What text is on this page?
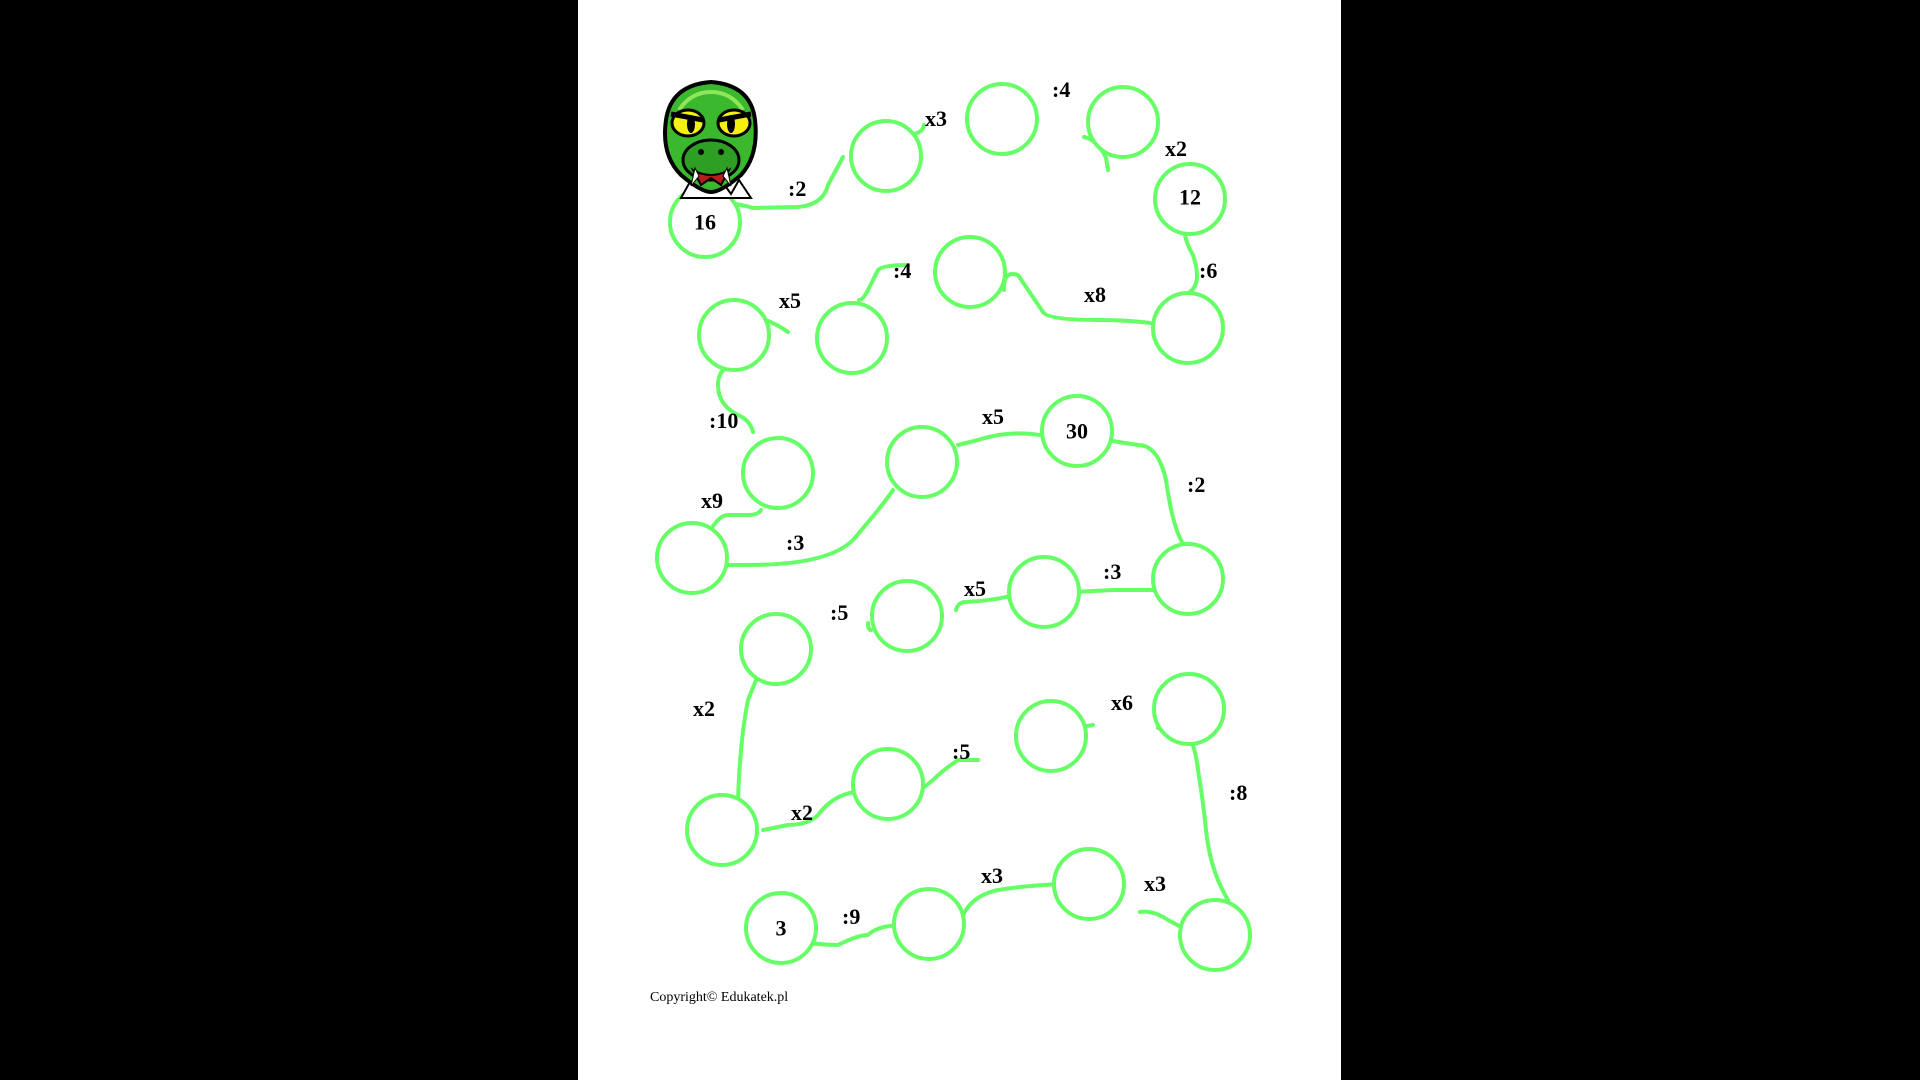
16
12
30
3
:2
x3
:4
x2
:6
x8
:4
x5
:10
x9
:3
x5
:2
:3
x5
:5
x2
x2
:5
x6
:8
x3	x3
:9
Copyright© Edukatek.pl
